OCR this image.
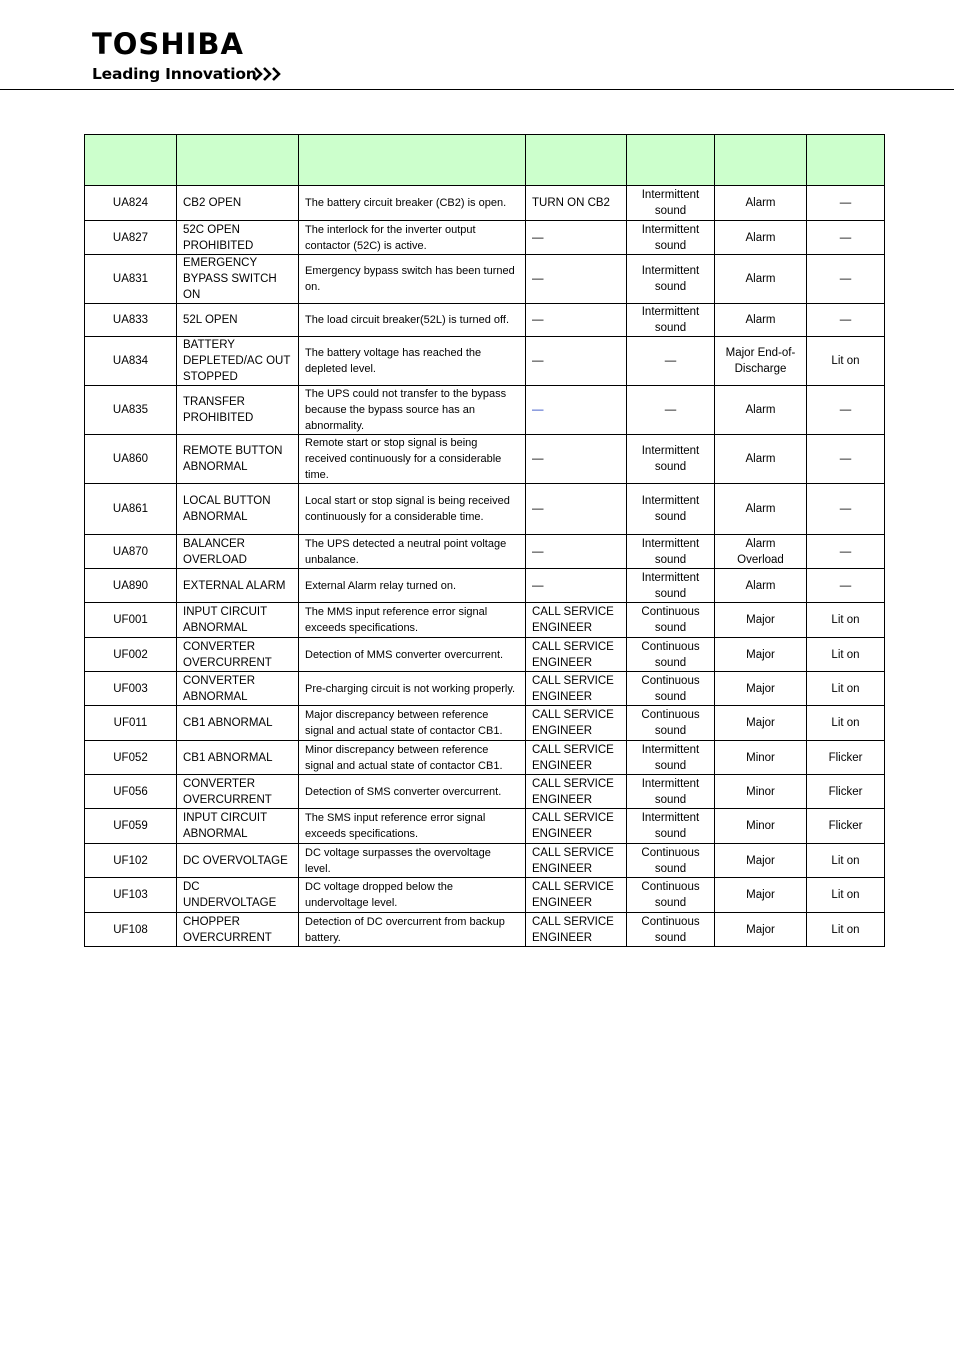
TOSHIBA
Leading Innovation

UA824	CB2 OPEN	The battery circuit breaker (CB2) is open.	TURN ON CB2	Intermittent sound	Alarm	—
UA827	52C OPEN PROHIBITED	The interlock for the inverter output contactor (52C) is active.	—	Intermittent sound	Alarm	—
UA831	EMERGENCY BYPASS SWITCH ON	Emergency bypass switch has been turned on.	—	Intermittent sound	Alarm	—
UA833	52L OPEN	The load circuit breaker(52L) is turned off.	—	Intermittent sound	Alarm	—
UA834	BATTERY DEPLETED/AC OUT STOPPED	The battery voltage has reached the depleted level.	—	—	Major End-of-Discharge	Lit on
UA835	TRANSFER PROHIBITED	The UPS could not transfer to the bypass because the bypass source has an abnormality.	—	—	Alarm	—
UA860	REMOTE BUTTON ABNORMAL	Remote start or stop signal is being received continuously for a considerable time.	—	Intermittent sound	Alarm	—
UA861	LOCAL BUTTON ABNORMAL	Local start or stop signal is being received continuously for a considerable time.	—	Intermittent sound	Alarm	—
UA870	BALANCER OVERLOAD	The UPS detected a neutral point voltage unbalance.	—	Intermittent sound	Alarm Overload	—
UA890	EXTERNAL ALARM	External Alarm relay turned on.	—	Intermittent sound	Alarm	—
UF001	INPUT CIRCUIT ABNORMAL	The MMS input reference error signal exceeds specifications.	CALL SERVICE ENGINEER	Continuous sound	Major	Lit on
UF002	CONVERTER OVERCURRENT	Detection of MMS converter overcurrent.	CALL SERVICE ENGINEER	Continuous sound	Major	Lit on
UF003	CONVERTER ABNORMAL	Pre-charging circuit is not working properly.	CALL SERVICE ENGINEER	Continuous sound	Major	Lit on
UF011	CB1 ABNORMAL	Major discrepancy between reference signal and actual state of contactor CB1.	CALL SERVICE ENGINEER	Continuous sound	Major	Lit on
UF052	CB1 ABNORMAL	Minor discrepancy between reference signal and actual state of contactor CB1.	CALL SERVICE ENGINEER	Intermittent sound	Minor	Flicker
UF056	CONVERTER OVERCURRENT	Detection of SMS converter overcurrent.	CALL SERVICE ENGINEER	Intermittent sound	Minor	Flicker
UF059	INPUT CIRCUIT ABNORMAL	The SMS input reference error signal exceeds specifications.	CALL SERVICE ENGINEER	Intermittent sound	Minor	Flicker
UF102	DC OVERVOLTAGE	DC voltage surpasses the overvoltage level.	CALL SERVICE ENGINEER	Continuous sound	Major	Lit on
UF103	DC UNDERVOLTAGE	DC voltage dropped below the undervoltage level.	CALL SERVICE ENGINEER	Continuous sound	Major	Lit on
UF108	CHOPPER OVERCURRENT	Detection of DC overcurrent from backup battery.	CALL SERVICE ENGINEER	Continuous sound	Major	Lit on
